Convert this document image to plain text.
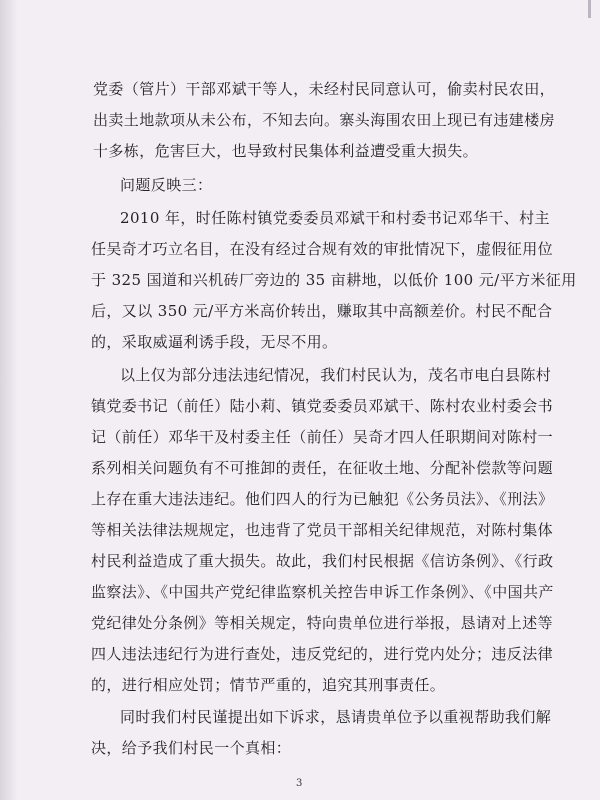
党委（管片）干部邓斌干等人，未经村民同意认可，偷卖村民农田，
出卖土地款项从未公布，不知去向。寨头海围农田上现已有违建楼房
十多栋，危害巨大，也导致村民集体利益遭受重大损失。
问题反映三：
2010 年，时任陈村镇党委委员邓斌干和村委书记邓华干、村主
任吴奇才巧立名目，在没有经过合规有效的审批情况下，虚假征用位
于 325 国道和兴机砖厂旁边的 35 亩耕地，以低价 100 元/平方米征用
后，又以 350 元/平方米高价转出，赚取其中高额差价。村民不配合
的，采取威逼利诱手段，无尽不用。
以上仅为部分违法违纪情况，我们村民认为，茂名市电白县陈村
镇党委书记（前任）陆小莉、镇党委委员邓斌干、陈村农业村委会书
记（前任）邓华干及村委主任（前任）吴奇才四人任职期间对陈村一
系列相关问题负有不可推卸的责任，在征收土地、分配补偿款等问题
上存在重大违法违纪。他们四人的行为已触犯《公务员法》、《刑法》
等相关法律法规规定，也违背了党员干部相关纪律规范，对陈村集体
村民利益造成了重大损失。故此，我们村民根据《信访条例》、《行政
监察法》、《中国共产党纪律监察机关控告申诉工作条例》、《中国共产
党纪律处分条例》等相关规定，特向贵单位进行举报，恳请对上述等
四人违法违纪行为进行查处，违反党纪的，进行党内处分；违反法律
的，进行相应处罚；情节严重的，追究其刑事责任。
同时我们村民谨提出如下诉求，恳请贵单位予以重视帮助我们解
决，给予我们村民一个真相：
3
